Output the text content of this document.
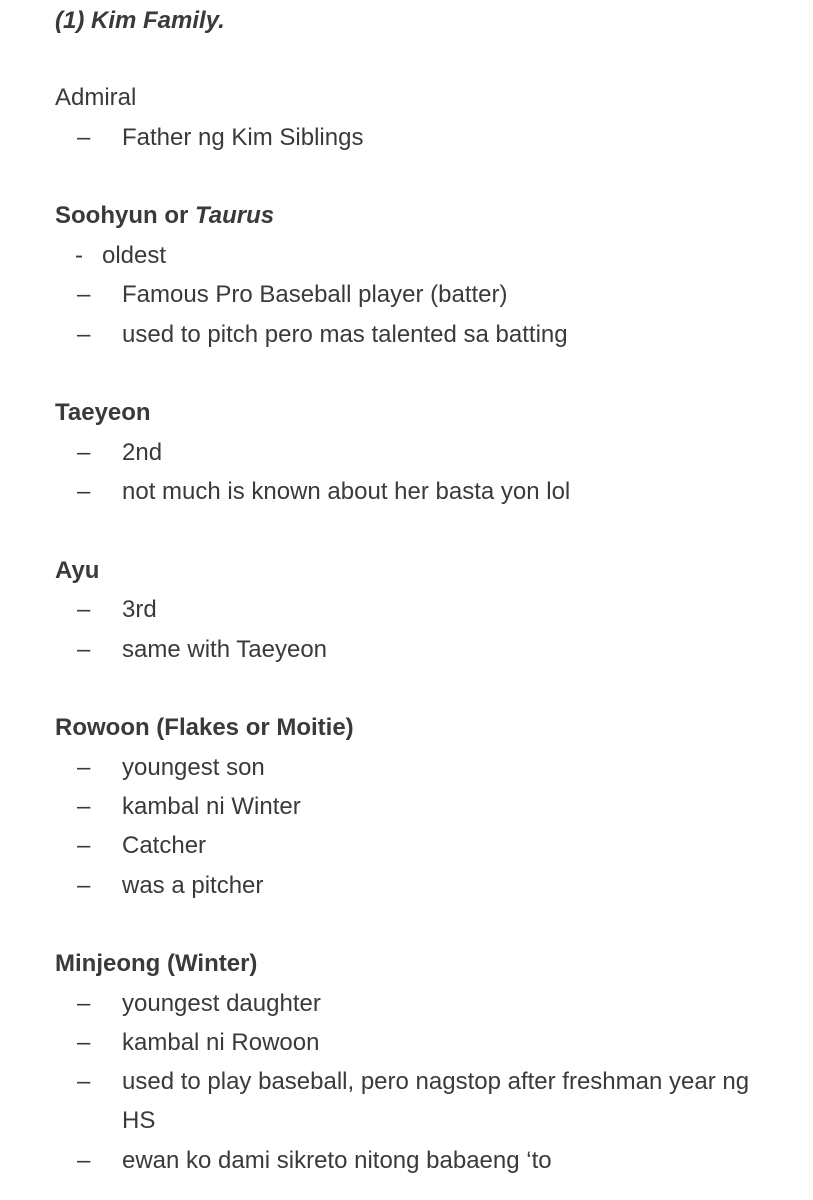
(1) Kim Family.
Admiral
– Father ng Kim Siblings
Soohyun or Taurus
- oldest
– Famous Pro Baseball player (batter)
– used to pitch pero mas talented sa batting
Taeyeon
– 2nd
– not much is known about her basta yon lol
Ayu
– 3rd
– same with Taeyeon
Rowoon (Flakes or Moitie)
– youngest son
– kambal ni Winter
– Catcher
– was a pitcher
Minjeong (Winter)
– youngest daughter
– kambal ni Rowoon
– used to play baseball, pero nagstop after freshman year ng HS
– ewan ko dami sikreto nitong babaeng ‘to
